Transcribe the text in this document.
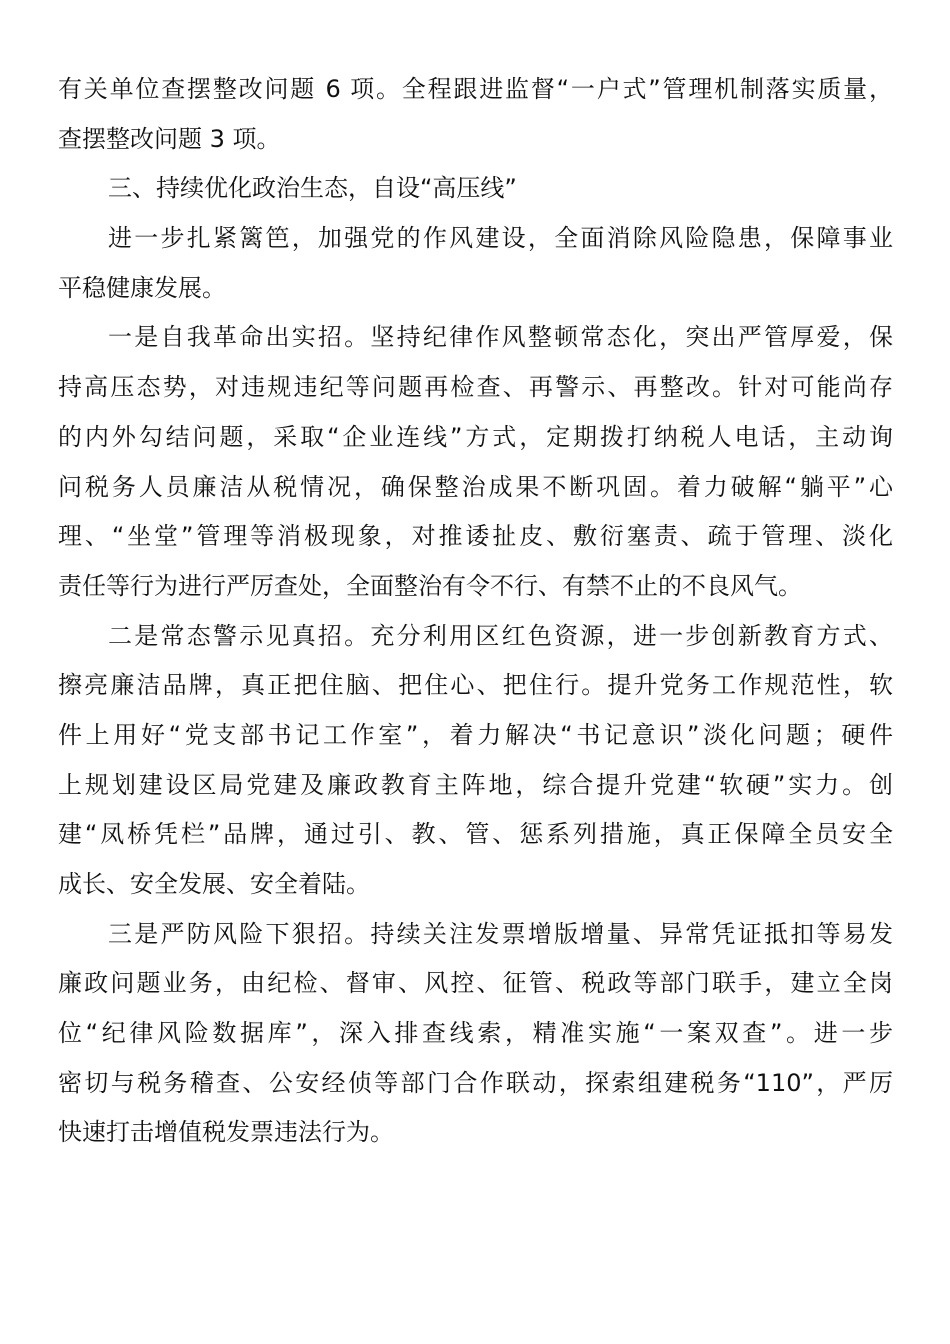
有关单位查摆整改问题 6 项。全程跟进监督“一户式”管理机制落实质量，
查摆整改问题 3 项。
三、持续优化政治生态，自设“高压线”
进一步扎紧篱笆，加强党的作风建设，全面消除风险隐患，保障事业
平稳健康发展。
一是自我革命出实招。坚持纪律作风整顿常态化，突出严管厚爱，保
持高压态势，对违规违纪等问题再检查、再警示、再整改。针对可能尚存
的内外勾结问题，采取“企业连线”方式，定期拨打纳税人电话，主动询
问税务人员廉洁从税情况，确保整治成果不断巩固。着力破解“躺平”心
理、“坐堂”管理等消极现象，对推诿扯皮、敷衍塞责、疏于管理、淡化
责任等行为进行严厉查处，全面整治有令不行、有禁不止的不良风气。
二是常态警示见真招。充分利用区红色资源，进一步创新教育方式、
擦亮廉洁品牌，真正把住脑、把住心、把住行。提升党务工作规范性，软
件上用好“党支部书记工作室”，着力解决“书记意识”淡化问题；硬件
上规划建设区局党建及廉政教育主阵地，综合提升党建“软硬”实力。创
建“凤桥凭栏”品牌，通过引、教、管、惩系列措施，真正保障全员安全
成长、安全发展、安全着陆。
三是严防风险下狠招。持续关注发票增版增量、异常凭证抵扣等易发
廉政问题业务，由纪检、督审、风控、征管、税政等部门联手，建立全岗
位“纪律风险数据库”，深入排查线索，精准实施“一案双查”。进一步
密切与税务稽查、公安经侦等部门合作联动，探索组建税务“110”，严厉
快速打击增值税发票违法行为。
